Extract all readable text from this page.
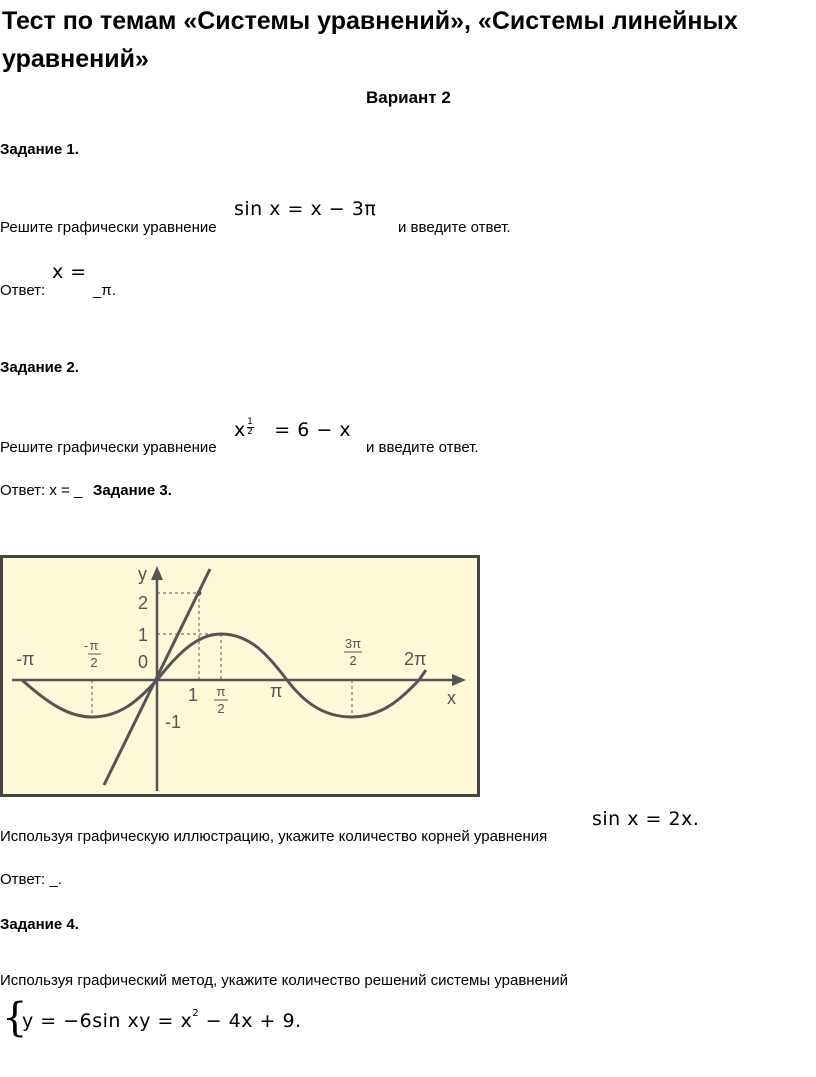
Тест по темам «Системы уравнений», «Системы линейных уравнений»
Вариант 2
Задание 1.
Решите графически уравнение
sin x = x − 3π
и введите ответ.
Ответ:
x =
_π.
Задание 2.
Решите графически уравнение
x $\frac{1}{2} = 6 - x$
и введите ответ.
Ответ: x = _ Задание 3.
y
x
2
1
0
-1
1	π
2π
-π
π
2
- π
2
3π
2
Используя графическую иллюстрацию, укажите количество корней уравнения
sin x = 2x.
Ответ: _.
Задание 4.
Используя графический метод, укажите количество решений системы уравнений
{
y = −6sin xy = $x^2 - 4x + 9$.
